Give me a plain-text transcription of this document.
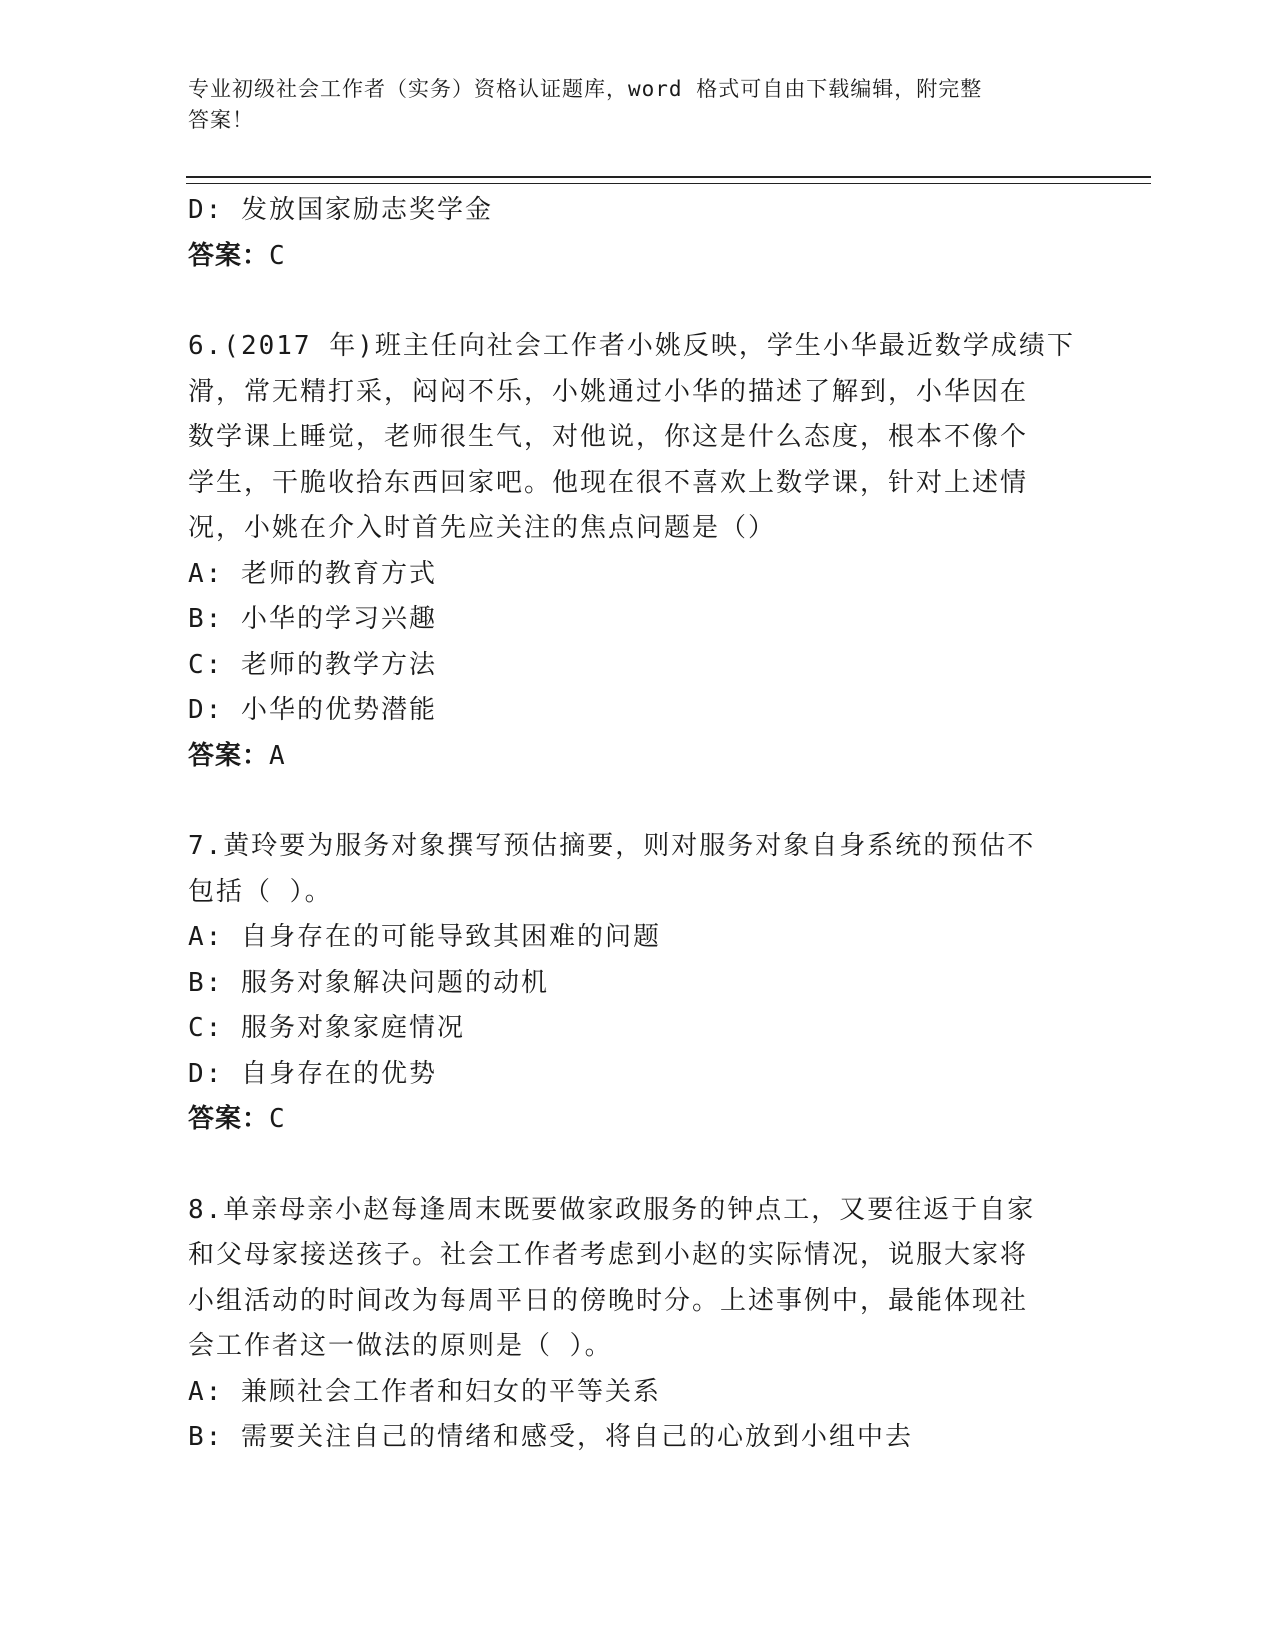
专业初级社会工作者（实务）资格认证题库，word 格式可自由下载编辑，附完整
答案！
D: 发放国家励志奖学金
答案：C
6.(2017 年)班主任向社会工作者小姚反映，学生小华最近数学成绩下
滑，常无精打采，闷闷不乐，小姚通过小华的描述了解到，小华因在
数学课上睡觉，老师很生气，对他说，你这是什么态度，根本不像个
学生，干脆收拾东西回家吧。他现在很不喜欢上数学课，针对上述情
况，小姚在介入时首先应关注的焦点问题是（）
A: 老师的教育方式
B: 小华的学习兴趣
C: 老师的教学方法
D: 小华的优势潜能
答案：A
7.黄玲要为服务对象撰写预估摘要，则对服务对象自身系统的预估不
包括（ ）。
A: 自身存在的可能导致其困难的问题
B: 服务对象解决问题的动机
C: 服务对象家庭情况
D: 自身存在的优势
答案：C
8.单亲母亲小赵每逢周末既要做家政服务的钟点工，又要往返于自家
和父母家接送孩子。社会工作者考虑到小赵的实际情况，说服大家将
小组活动的时间改为每周平日的傍晚时分。上述事例中，最能体现社
会工作者这一做法的原则是（ ）。
A: 兼顾社会工作者和妇女的平等关系
B: 需要关注自己的情绪和感受，将自己的心放到小组中去
